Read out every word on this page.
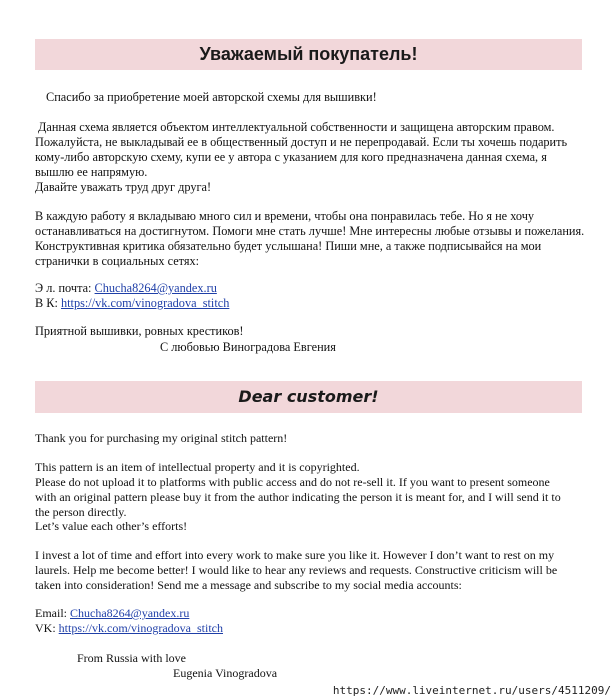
Уважаемый покупатель!
Спасибо за приобретение моей авторской схемы для вышивки!
Данная схема является объектом интеллектуальной собственности и защищена авторским правом.
Пожалуйста, не выкладывай ее в общественный доступ и не перепродавай. Если ты хочешь подарить
кому-либо авторскую схему, купи ее у автора с указанием для кого предназначена данная схема, я
вышлю ее напрямую.
Давайте уважать труд друг друга!
В каждую работу я вкладываю много сил и времени, чтобы она понравилась тебе. Но я не хочу
останавливаться на достигнутом. Помоги мне стать лучше! Мне интересны любые отзывы и пожелания.
Конструктивная критика обязательно будет услышана! Пиши мне, а также подписывайся на мои
странички в социальных сетях:
Э л. почта: Chucha8264@yandex.ru
В К: https://vk.com/vinogradova_stitch
Приятной вышивки, ровных крестиков!
С любовью Виноградова Евгения
Dear customer!
Thank you for purchasing my original stitch pattern!
This pattern is an item of intellectual property and it is copyrighted.
Please do not upload it to platforms with public access and do not re-sell it. If you want to present someone
with an original pattern please buy it from the author indicating the person it is meant for, and I will send it to
the person directly.
Let’s value each other’s efforts!
I invest a lot of time and effort into every work to make sure you like it. However I don’t want to rest on my
laurels. Help me become better! I would like to hear any reviews and requests. Constructive criticism will be
taken into consideration! Send me a message and subscribe to my social media accounts:
Email: Chucha8264@yandex.ru
VK: https://vk.com/vinogradova_stitch
From Russia with love
Eugenia Vinogradova
https://www.liveinternet.ru/users/4511209/
